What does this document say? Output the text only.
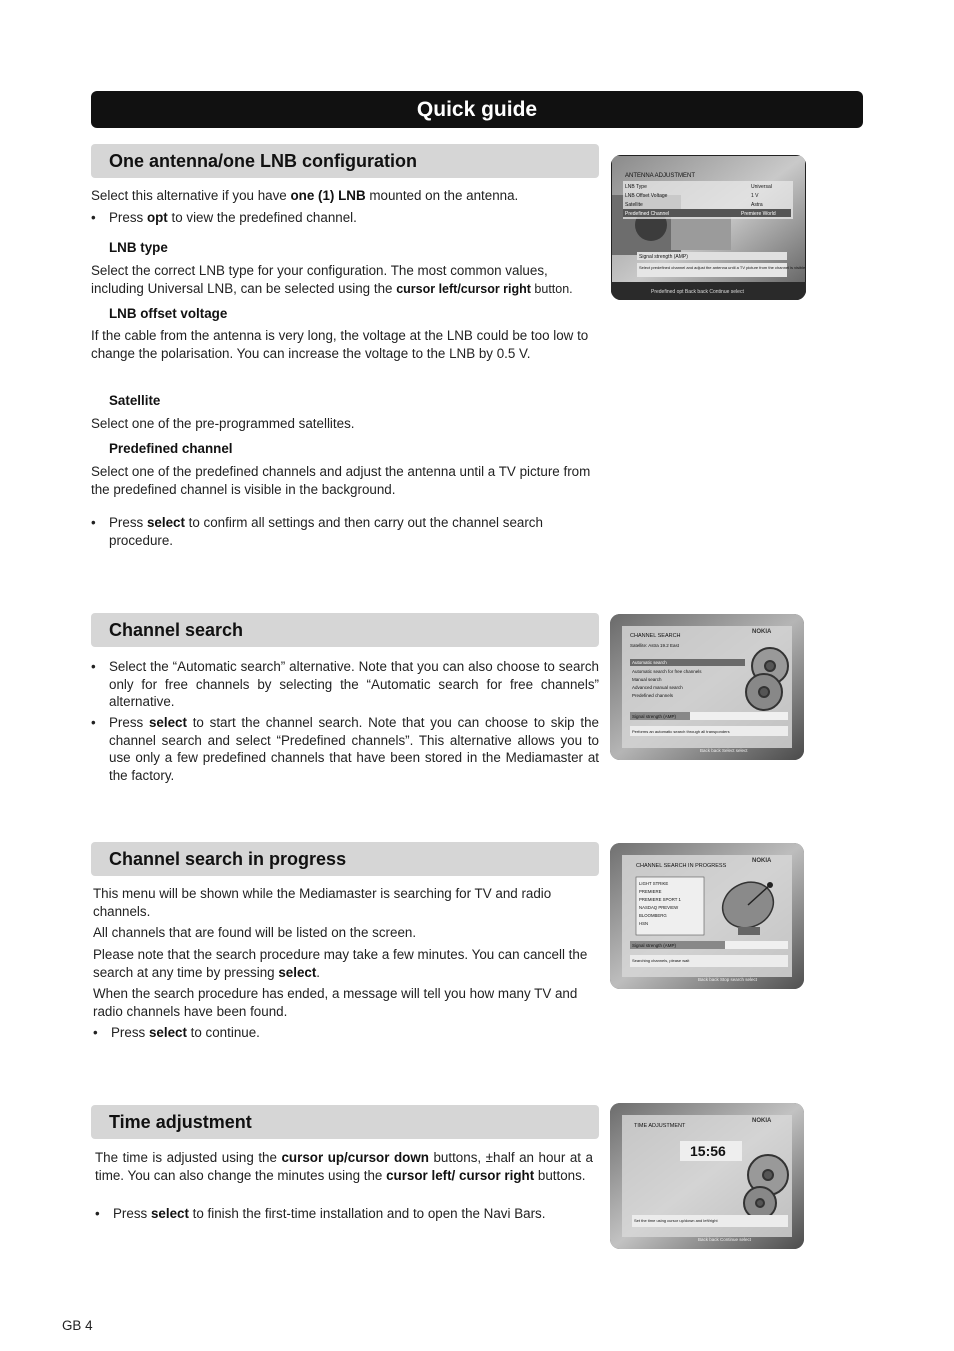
Quick guide
One antenna/one LNB configuration

Select this alternative if you have one (1) LNB mounted on the antenna.

• Press opt to view the predefined channel.

LNB type

Select the correct LNB type for your configuration. The most common values, including Universal LNB, can be selected using the cursor left/cursor right button.

LNB offset voltage

If the cable from the antenna is very long, the voltage at the LNB could be too low to change the polarisation. You can increase the voltage to the LNB by 0.5 V.

Satellite

Select one of the pre-programmed satellites.

Predefined channel

Select one of the predefined channels and adjust the antenna until a TV picture from the predefined channel is visible in the background.

• Press select to confirm all settings and then carry out the channel search procedure.
ANTENNA ADJUSTMENT
LNB Type	Universal
LNB Offset Voltage	1 V
Satellite	Astra
Predefined Channel	Premiere World
Signal strength (AMP)
Select predefined channel and adjust the antenna until a TV picture from the channel is visible
Predefined opt Back back Continue select
Channel search
• Select the “Automatic search” alternative. Note that you can also choose to search only for free channels by selecting the “Automatic search for free channels” alternative.
• Press select to start the channel search. Note that you can choose to skip the channel search and select “Predefined channels”. This alternative allows you to use only a few predefined channels that have been stored in the Mediamaster at the factory.
CHANNEL SEARCH
NOKIA
Satellite: Astra 19.2 East
Automatic search
Automatic search for free channels
Manual search
Advanced manual search
Predefined channels
Signal strength (AMP)
Performs an automatic search through all transponders
Back back Select select
Channel search in progress

This menu will be shown while the Mediamaster is searching for TV and radio channels.

All channels that are found will be listed on the screen.

Please note that the search procedure may take a few minutes. You can cancell the search at any time by pressing select.

When the search procedure has ended, a message will tell you how many TV and radio channels have been found.

• Press select to continue.
CHANNEL SEARCH IN PROGRESS
NOKIA
LIGHT STRIKE
PREMIERE
PREMIERE SPORT 1
NASDAQ PREVIEW
BLOOMBERG
HSN
Signal strength (AMP)
Searching channels, please wait
Back back Stop search select
Time adjustment

The time is adjusted using the cursor up/cursor down buttons, ±half an hour at a time. You can also change the minutes using the cursor left/ cursor right buttons.

• Press select to finish the first-time installation and to open the Navi Bars.
TIME ADJUSTMENT
NOKIA
15:56
Set the time using cursor up/down and left/right
Back back Continue select
GB 4
